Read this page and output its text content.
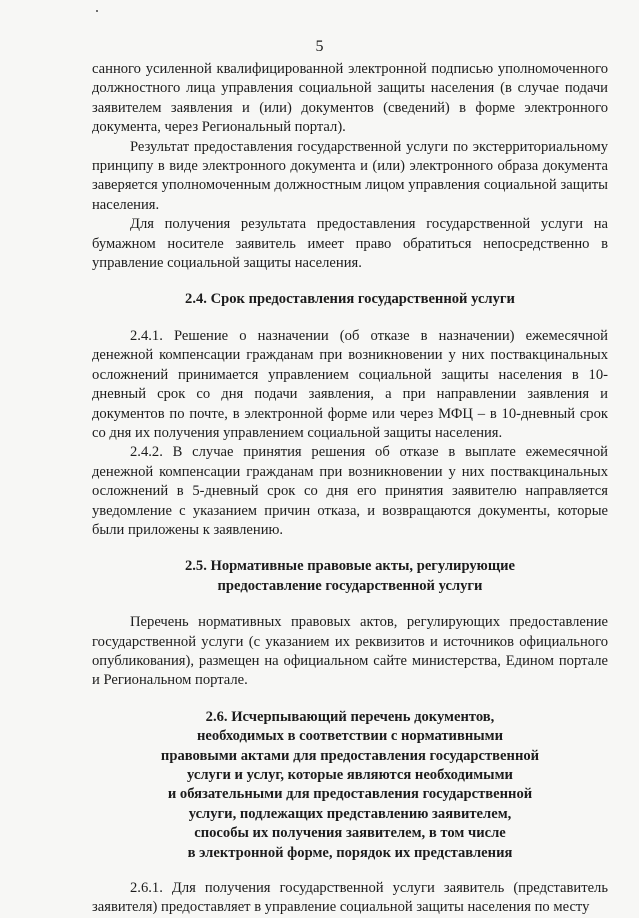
5

санного усиленной квалифицированной электронной подписью уполномоченного должностного лица управления социальной защиты населения (в случае подачи заявителем заявления и (или) документов (сведений) в форме электронного документа, через Региональный портал).

Результат предоставления государственной услуги по экстерриториальному принципу в виде электронного документа и (или) электронного образа документа заверяется уполномоченным должностным лицом управления социальной защиты населения.

Для получения результата предоставления государственной услуги на бумажном носителе заявитель имеет право обратиться непосредственно в управление социальной защиты населения.

2.4. Срок предоставления государственной услуги

2.4.1. Решение о назначении (об отказе в назначении) ежемесячной денежной компенсации гражданам при возникновении у них поствакцинальных осложнений принимается управлением социальной защиты населения в 10-дневный срок со дня подачи заявления, а при направлении заявления и документов по почте, в электронной форме или через МФЦ – в 10-дневный срок со дня их получения управлением социальной защиты населения.

2.4.2. В случае принятия решения об отказе в выплате ежемесячной денежной компенсации гражданам при возникновении у них поствакцинальных осложнений в 5-дневный срок со дня его принятия заявителю направляется уведомление с указанием причин отказа, и возвращаются документы, которые были приложены к заявлению.

2.5. Нормативные правовые акты, регулирующие
предоставление государственной услуги

Перечень нормативных правовых актов, регулирующих предоставление государственной услуги (с указанием их реквизитов и источников официального опубликования), размещен на официальном сайте министерства, Едином портале и Региональном портале.

2.6. Исчерпывающий перечень документов,
необходимых в соответствии с нормативными
правовыми актами для предоставления государственной
услуги и услуг, которые являются необходимыми
и обязательными для предоставления государственной
услуги, подлежащих представлению заявителем,
способы их получения заявителем, в том числе
в электронной форме, порядок их представления

2.6.1. Для получения государственной услуги заявитель (представитель заявителя) предоставляет в управление социальной защиты населения по месту
